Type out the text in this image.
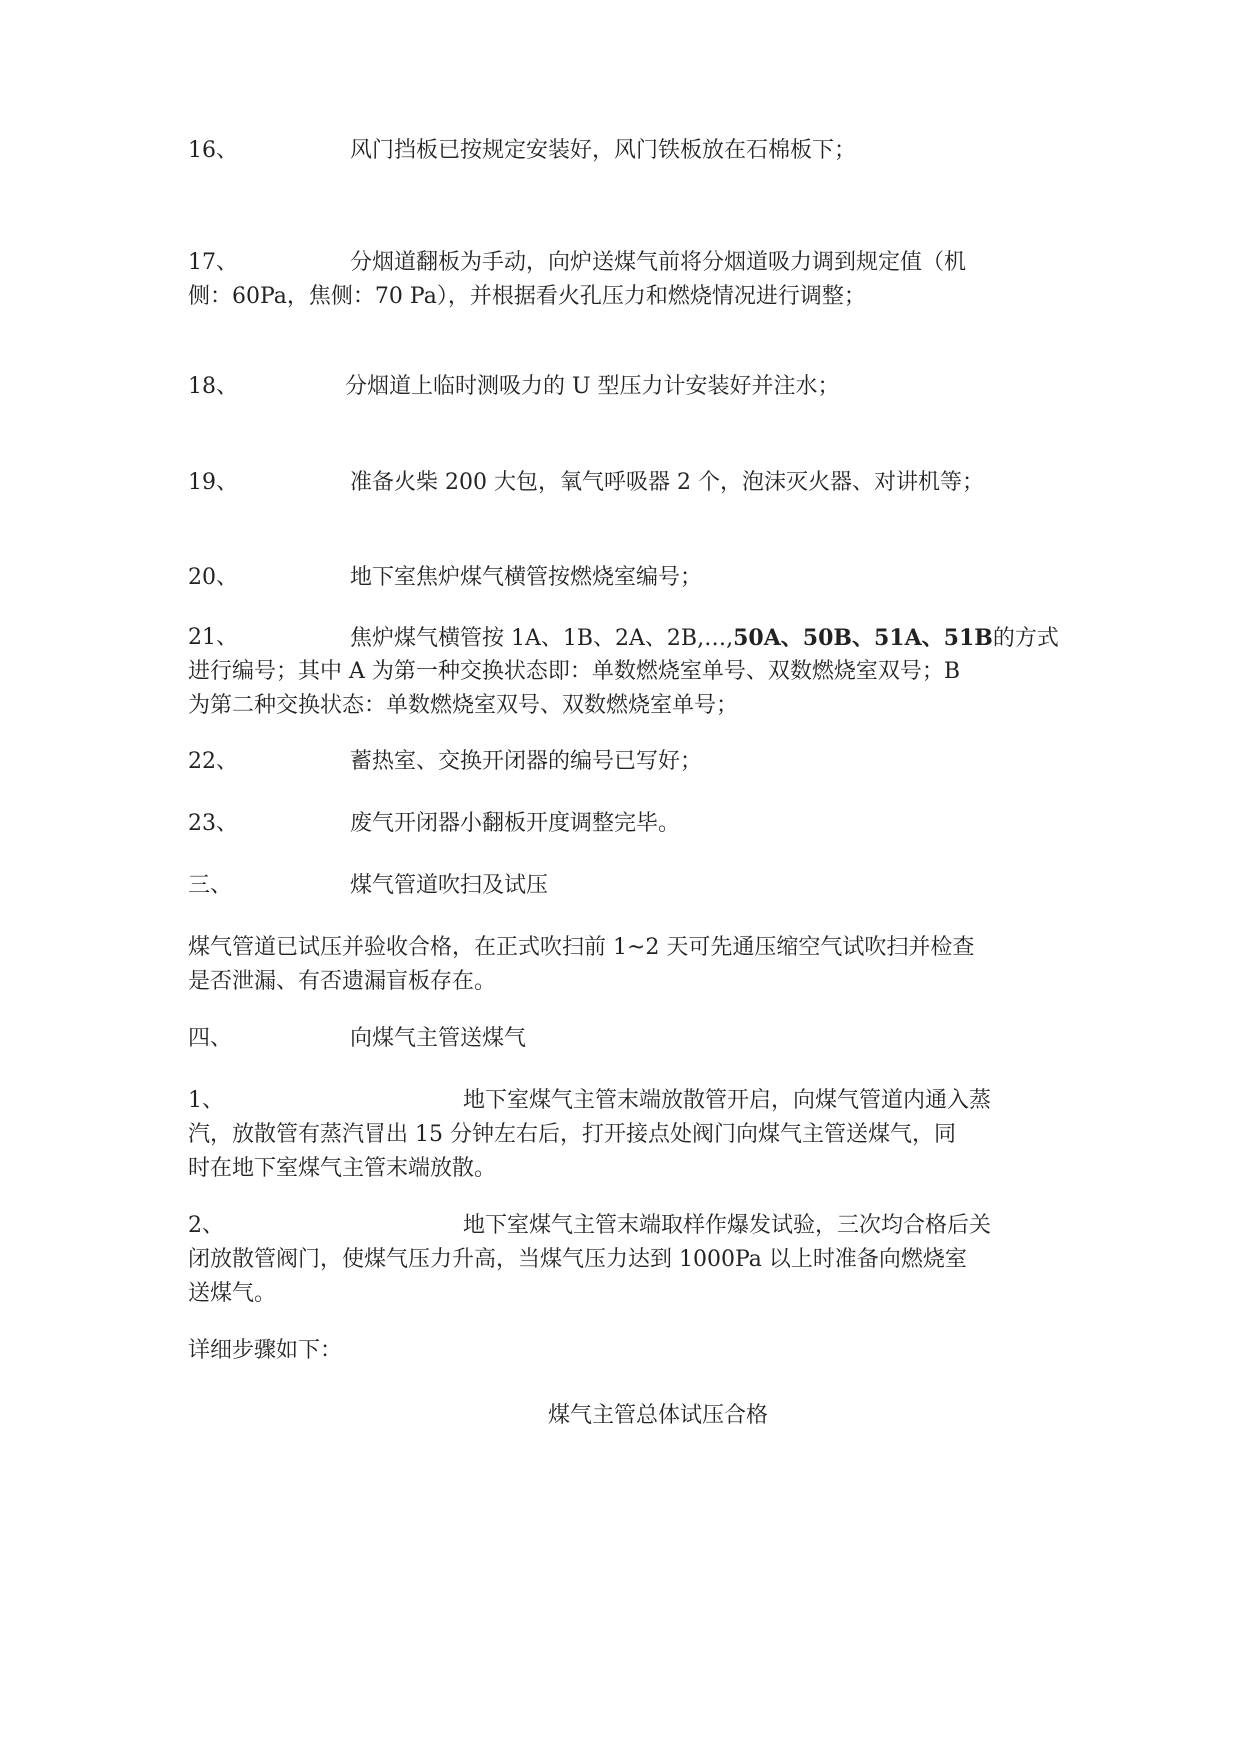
16、	风门挡板已按规定安装好，风门铁板放在石棉板下；
17、	分烟道翻板为手动，向炉送煤气前将分烟道吸力调到规定值（机
侧：60Pa，焦侧：70 Pa），并根据看火孔压力和燃烧情况进行调整；
18、	分烟道上临时测吸力的 U 型压力计安装好并注水；
19、	准备火柴 200 大包，氧气呼吸器 2 个，泡沫灭火器、对讲机等；
20、	地下室焦炉煤气横管按燃烧室编号；
21、	焦炉煤气横管按 1A、1B、2A、2B,…,50A、50B、51A、51B的方式
进行编号；其中 A 为第一种交换状态即：单数燃烧室单号、双数燃烧室双号；B
为第二种交换状态：单数燃烧室双号、双数燃烧室单号；
22、	蓄热室、交换开闭器的编号已写好；
23、	废气开闭器小翻板开度调整完毕。
三、	煤气管道吹扫及试压
煤气管道已试压并验收合格，在正式吹扫前 1~2 天可先通压缩空气试吹扫并检查
是否泄漏、有否遗漏盲板存在。
四、	向煤气主管送煤气
1、	地下室煤气主管末端放散管开启，向煤气管道内通入蒸
汽，放散管有蒸汽冒出 15 分钟左右后，打开接点处阀门向煤气主管送煤气，同
时在地下室煤气主管末端放散。
2、	地下室煤气主管末端取样作爆发试验，三次均合格后关
闭放散管阀门，使煤气压力升高，当煤气压力达到 1000Pa 以上时准备向燃烧室
送煤气。
详细步骤如下：
煤气主管总体试压合格
